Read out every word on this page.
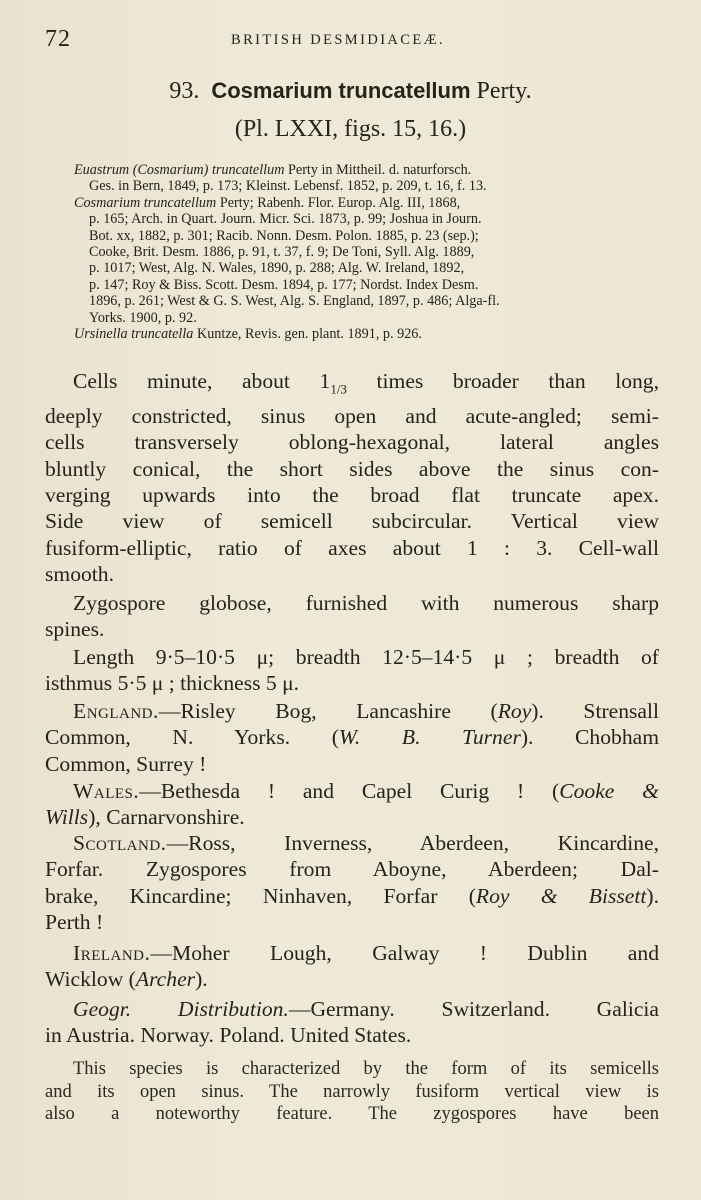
72	BRITISH DESMIDIACEÆ.
93. Cosmarium truncatellum Perty.
(Pl. LXXI, figs. 15, 16.)
Euastrum (Cosmarium) truncatellum Perty in Mittheil. d. naturforsch.
Ges. in Bern, 1849, p. 173; Kleinst. Lebensf. 1852, p. 209, t. 16, f. 13.
Cosmarium truncatellum Perty; Rabenh. Flor. Europ. Alg. III, 1868,
p. 165; Arch. in Quart. Journ. Micr. Sci. 1873, p. 99; Joshua in Journ.
Bot. xx, 1882, p. 301; Racib. Nonn. Desm. Polon. 1885, p. 23 (sep.);
Cooke, Brit. Desm. 1886, p. 91, t. 37, f. 9; De Toni, Syll. Alg. 1889,
p. 1017; West, Alg. N. Wales, 1890, p. 288; Alg. W. Ireland, 1892,
p. 147; Roy & Biss. Scott. Desm. 1894, p. 177; Nordst. Index Desm.
1896, p. 261; West & G. S. West, Alg. S. England, 1897, p. 486; Alga-fl.
Yorks. 1900, p. 92.
Ursinella truncatella Kuntze, Revis. gen. plant. 1891, p. 926.
Cells minute, about $1_{1/3}$ times broader than long,
deeply constricted, sinus open and acute-angled; semi-
cells transversely oblong-hexagonal, lateral angles
bluntly conical, the short sides above the sinus con-
verging upwards into the broad flat truncate apex.
Side view of semicell subcircular. Vertical view
fusiform-elliptic, ratio of axes about 1 : 3. Cell-wall
smooth.
Zygospore globose, furnished with numerous sharp
spines.
Length 9·5–10·5 μ; breadth 12·5–14·5 μ ; breadth of
isthmus 5·5 μ ; thickness 5 μ.
England.—Risley Bog, Lancashire (Roy). Strensall
Common, N. Yorks. (W. B. Turner). Chobham
Common, Surrey !
Wales.—Bethesda ! and Capel Curig ! (Cooke &
Wills), Carnarvonshire.
Scotland.—Ross, Inverness, Aberdeen, Kincardine,
Forfar. Zygospores from Aboyne, Aberdeen; Dal-
brake, Kincardine; Ninhaven, Forfar (Roy & Bissett).
Perth !
Ireland.—Moher Lough, Galway ! Dublin and
Wicklow (Archer).
Geogr. Distribution.—Germany. Switzerland. Galicia
in Austria. Norway. Poland. United States.
This species is characterized by the form of its semicells
and its open sinus. The narrowly fusiform vertical view is
also a noteworthy feature. The zygospores have been
